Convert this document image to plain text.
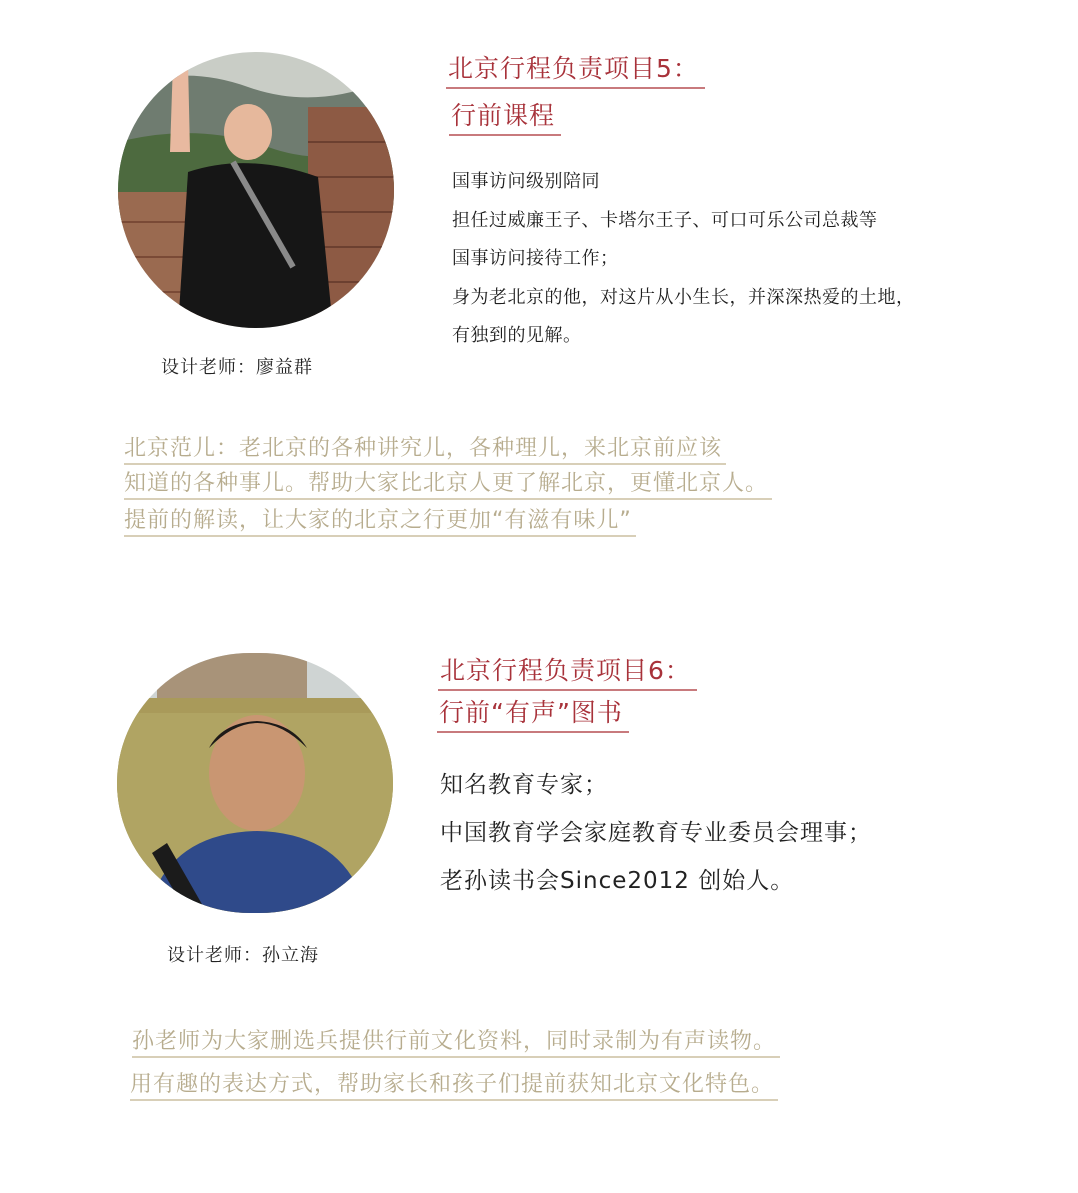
北京行程负责项目5：
行前课程
国事访问级别陪同
担任过威廉王子、卡塔尔王子、可口可乐公司总裁等
国事访问接待工作；
身为老北京的他，对这片从小生长，并深深热爱的土地，
有独到的见解。
设计老师：廖益群
北京范儿：老北京的各种讲究儿，各种理儿，来北京前应该
知道的各种事儿。帮助大家比北京人更了解北京，更懂北京人。
提前的解读，让大家的北京之行更加“有滋有味儿”
北京行程负责项目6：
行前“有声”图书
知名教育专家；
中国教育学会家庭教育专业委员会理事；
老孙读书会Since2012 创始人。
设计老师：孙立海
孙老师为大家删选兵提供行前文化资料，同时录制为有声读物。
用有趣的表达方式，帮助家长和孩子们提前获知北京文化特色。
